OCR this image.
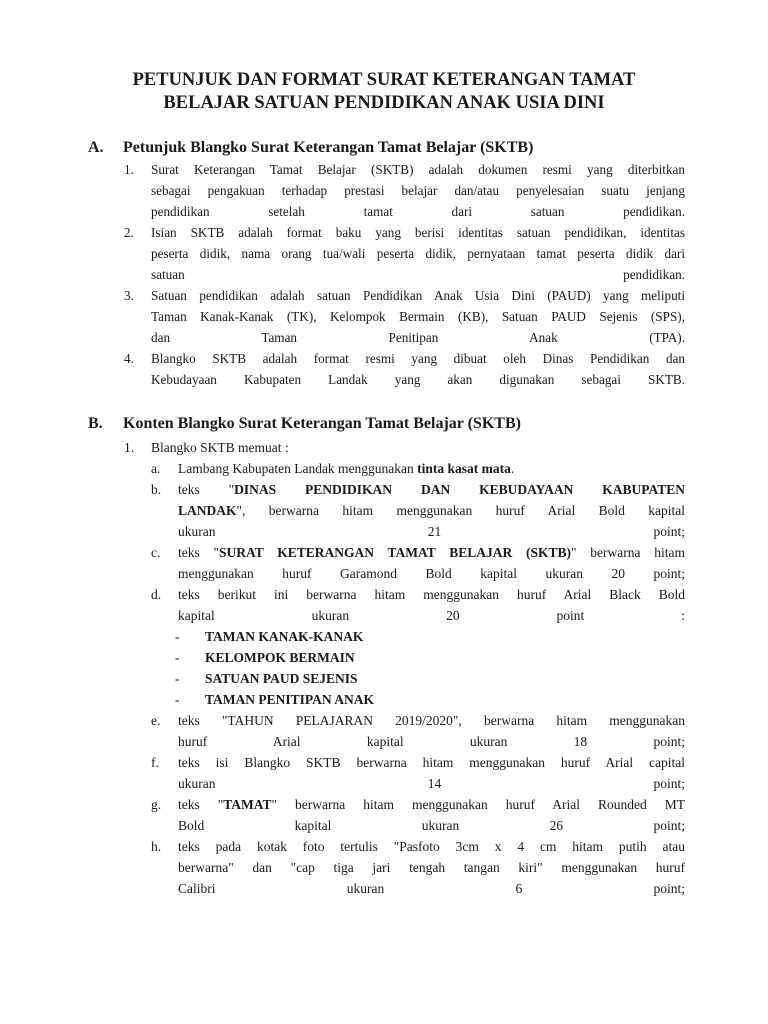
PETUNJUK DAN FORMAT SURAT KETERANGAN TAMAT
BELAJAR SATUAN PENDIDIKAN ANAK USIA DINI
A. Petunjuk Blangko Surat Keterangan Tamat Belajar (SKTB)
1. Surat Keterangan Tamat Belajar (SKTB) adalah dokumen resmi yang diterbitkan
sebagai pengakuan terhadap prestasi belajar dan/atau penyelesaian suatu jenjang
pendidikan setelah tamat dari satuan pendidikan.
2. Isian SKTB adalah format baku yang berisi identitas satuan pendidikan, identitas
peserta didik, nama orang tua/wali peserta didik, pernyataan tamat peserta didik dari
satuan pendidikan.
3. Satuan pendidikan adalah satuan Pendidikan Anak Usia Dini (PAUD) yang meliputi
Taman Kanak-Kanak (TK), Kelompok Bermain (KB), Satuan PAUD Sejenis (SPS),
dan Taman Penitipan Anak (TPA).
4. Blangko SKTB adalah format resmi yang dibuat oleh Dinas Pendidikan dan
Kebudayaan Kabupaten Landak yang akan digunakan sebagai SKTB.
B. Konten Blangko Surat Keterangan Tamat Belajar (SKTB)
1. Blangko SKTB memuat :
a. Lambang Kabupaten Landak menggunakan tinta kasat mata.
b. teks "DINAS PENDIDIKAN DAN KEBUDAYAAN KABUPATEN
LANDAK", berwarna hitam menggunakan huruf Arial Bold kapital
ukuran 21 point;
c. teks "SURAT KETERANGAN TAMAT BELAJAR (SKTB)" berwarna hitam
menggunakan huruf Garamond Bold kapital ukuran 20 point;
d. teks berikut ini berwarna hitam menggunakan huruf Arial Black Bold
kapital ukuran 20 point :
- TAMAN KANAK-KANAK
- KELOMPOK BERMAIN
- SATUAN PAUD SEJENIS
- TAMAN PENITIPAN ANAK
e. teks "TAHUN PELAJARAN 2019/2020", berwarna hitam menggunakan
huruf Arial kapital ukuran 18 point;
f. teks isi Blangko SKTB berwarna hitam menggunakan huruf Arial capital
ukuran 14 point;
g. teks "TAMAT" berwarna hitam menggunakan huruf Arial Rounded MT
Bold kapital ukuran 26 point;
h. teks pada kotak foto tertulis "Pasfoto 3cm x 4 cm hitam putih atau
berwarna" dan "cap tiga jari tengah tangan kiri" menggunakan huruf
Calibri ukuran 6 point;
